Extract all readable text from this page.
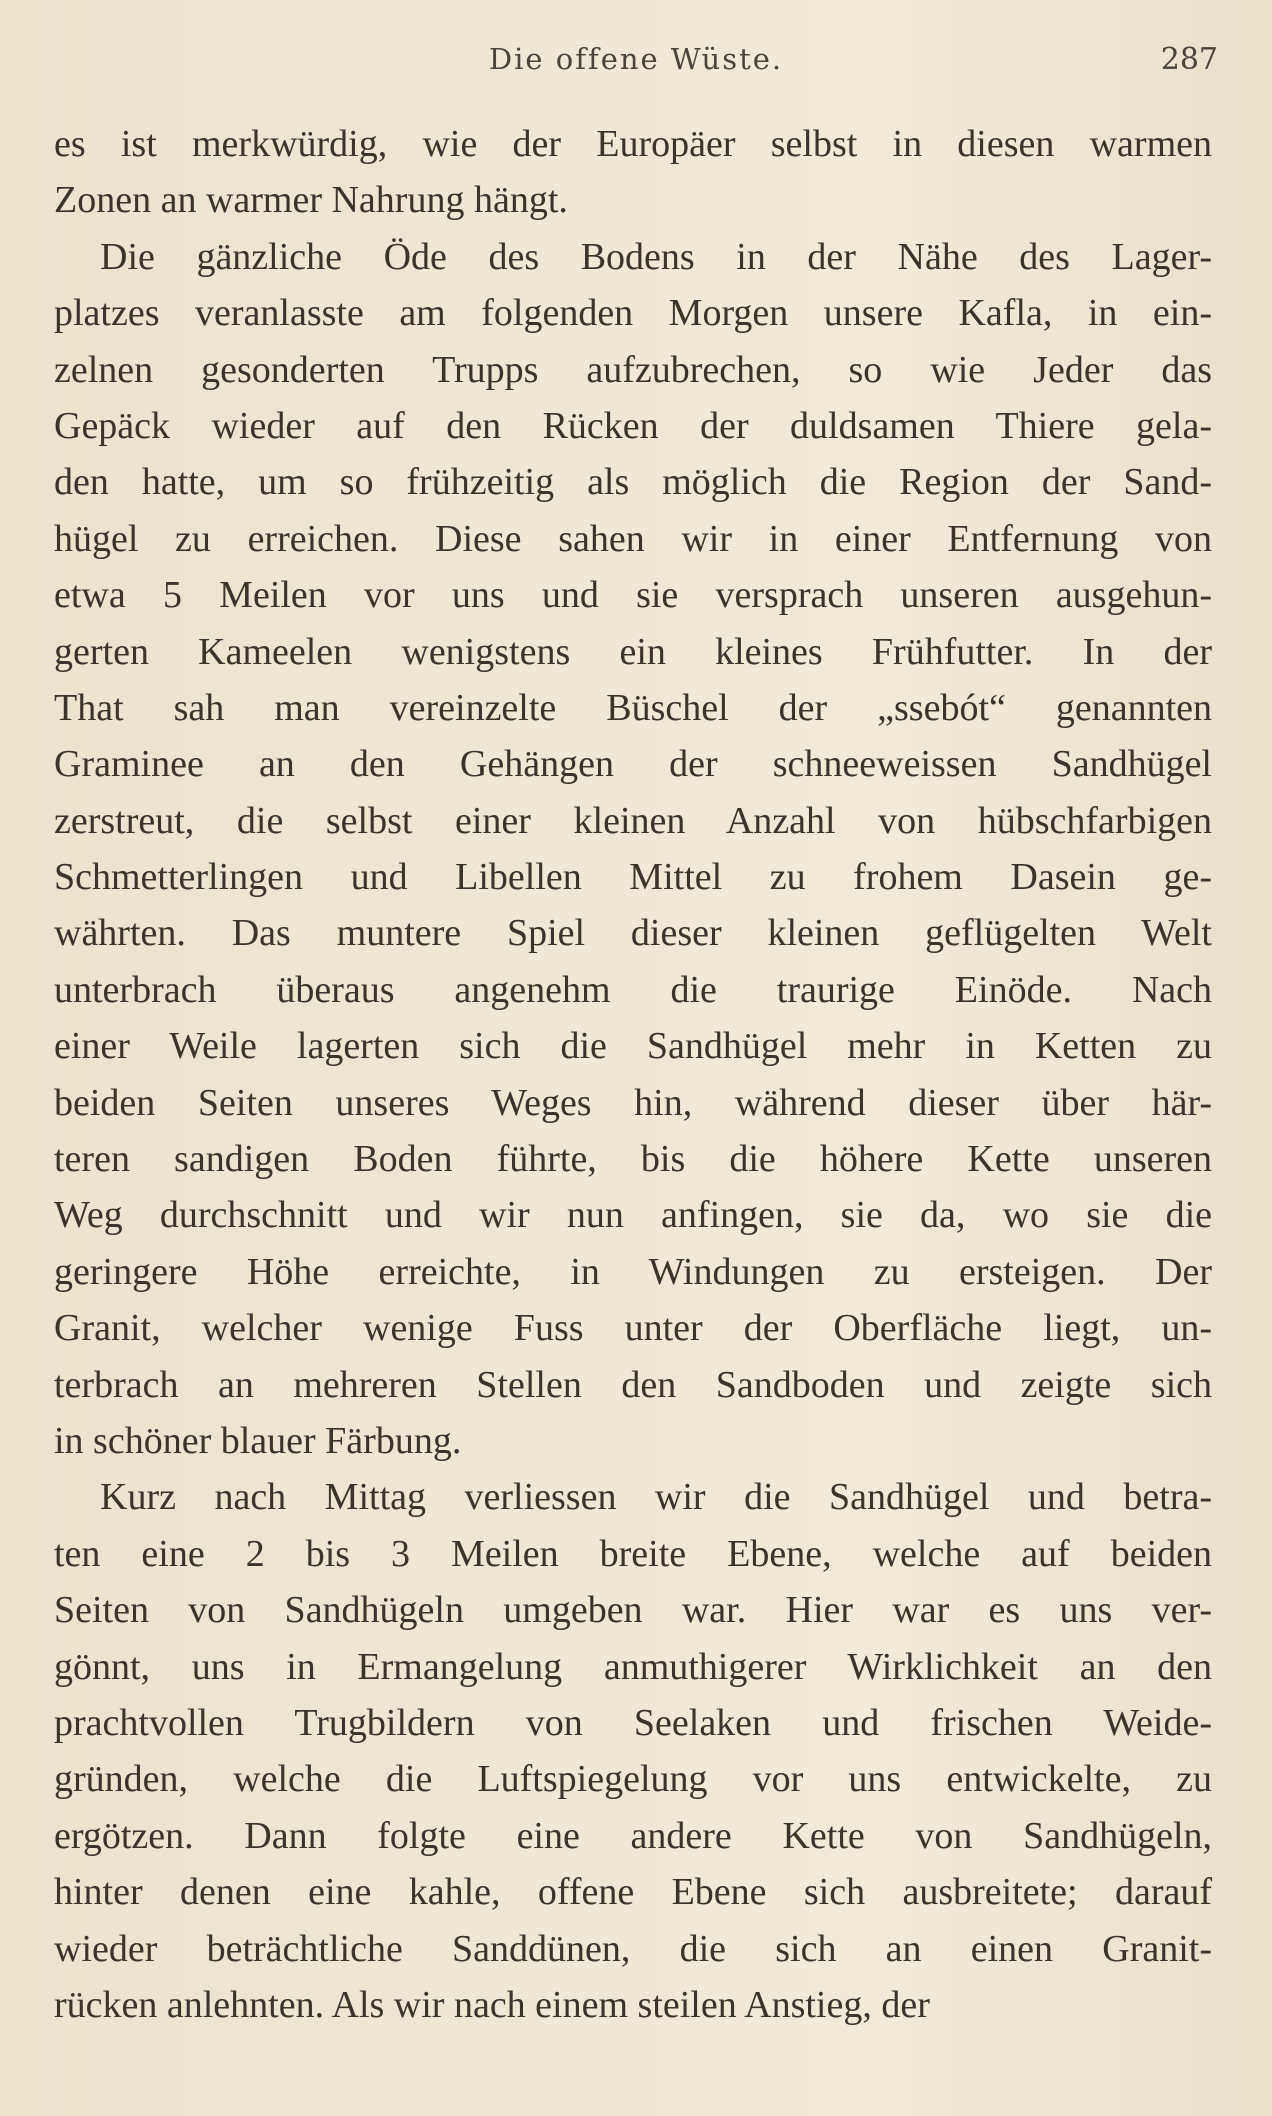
Die offene Wüste.	287
es ist merkwürdig, wie der Europäer selbst in diesen warmen
Zonen an warmer Nahrung hängt.
Die gänzliche Öde des Bodens in der Nähe des Lager-
platzes veranlasste am folgenden Morgen unsere Kafla, in ein-
zelnen gesonderten Trupps aufzubrechen, so wie Jeder das
Gepäck wieder auf den Rücken der duldsamen Thiere gela-
den hatte, um so frühzeitig als möglich die Region der Sand-
hügel zu erreichen. Diese sahen wir in einer Entfernung von
etwa 5 Meilen vor uns und sie versprach unseren ausgehun-
gerten Kameelen wenigstens ein kleines Frühfutter. In der
That sah man vereinzelte Büschel der „ssebót“ genannten
Graminee an den Gehängen der schneeweissen Sandhügel
zerstreut, die selbst einer kleinen Anzahl von hübschfarbigen
Schmetterlingen und Libellen Mittel zu frohem Dasein ge-
währten. Das muntere Spiel dieser kleinen geflügelten Welt
unterbrach überaus angenehm die traurige Einöde. Nach
einer Weile lagerten sich die Sandhügel mehr in Ketten zu
beiden Seiten unseres Weges hin, während dieser über här-
teren sandigen Boden führte, bis die höhere Kette unseren
Weg durchschnitt und wir nun anfingen, sie da, wo sie die
geringere Höhe erreichte, in Windungen zu ersteigen. Der
Granit, welcher wenige Fuss unter der Oberfläche liegt, un-
terbrach an mehreren Stellen den Sandboden und zeigte sich
in schöner blauer Färbung.
Kurz nach Mittag verliessen wir die Sandhügel und betra-
ten eine 2 bis 3 Meilen breite Ebene, welche auf beiden
Seiten von Sandhügeln umgeben war. Hier war es uns ver-
gönnt, uns in Ermangelung anmuthigerer Wirklichkeit an den
prachtvollen Trugbildern von Seelaken und frischen Weide-
gründen, welche die Luftspiegelung vor uns entwickelte, zu
ergötzen. Dann folgte eine andere Kette von Sandhügeln,
hinter denen eine kahle, offene Ebene sich ausbreitete; darauf
wieder beträchtliche Sanddünen, die sich an einen Granit-
rücken anlehnten. Als wir nach einem steilen Anstieg, der
